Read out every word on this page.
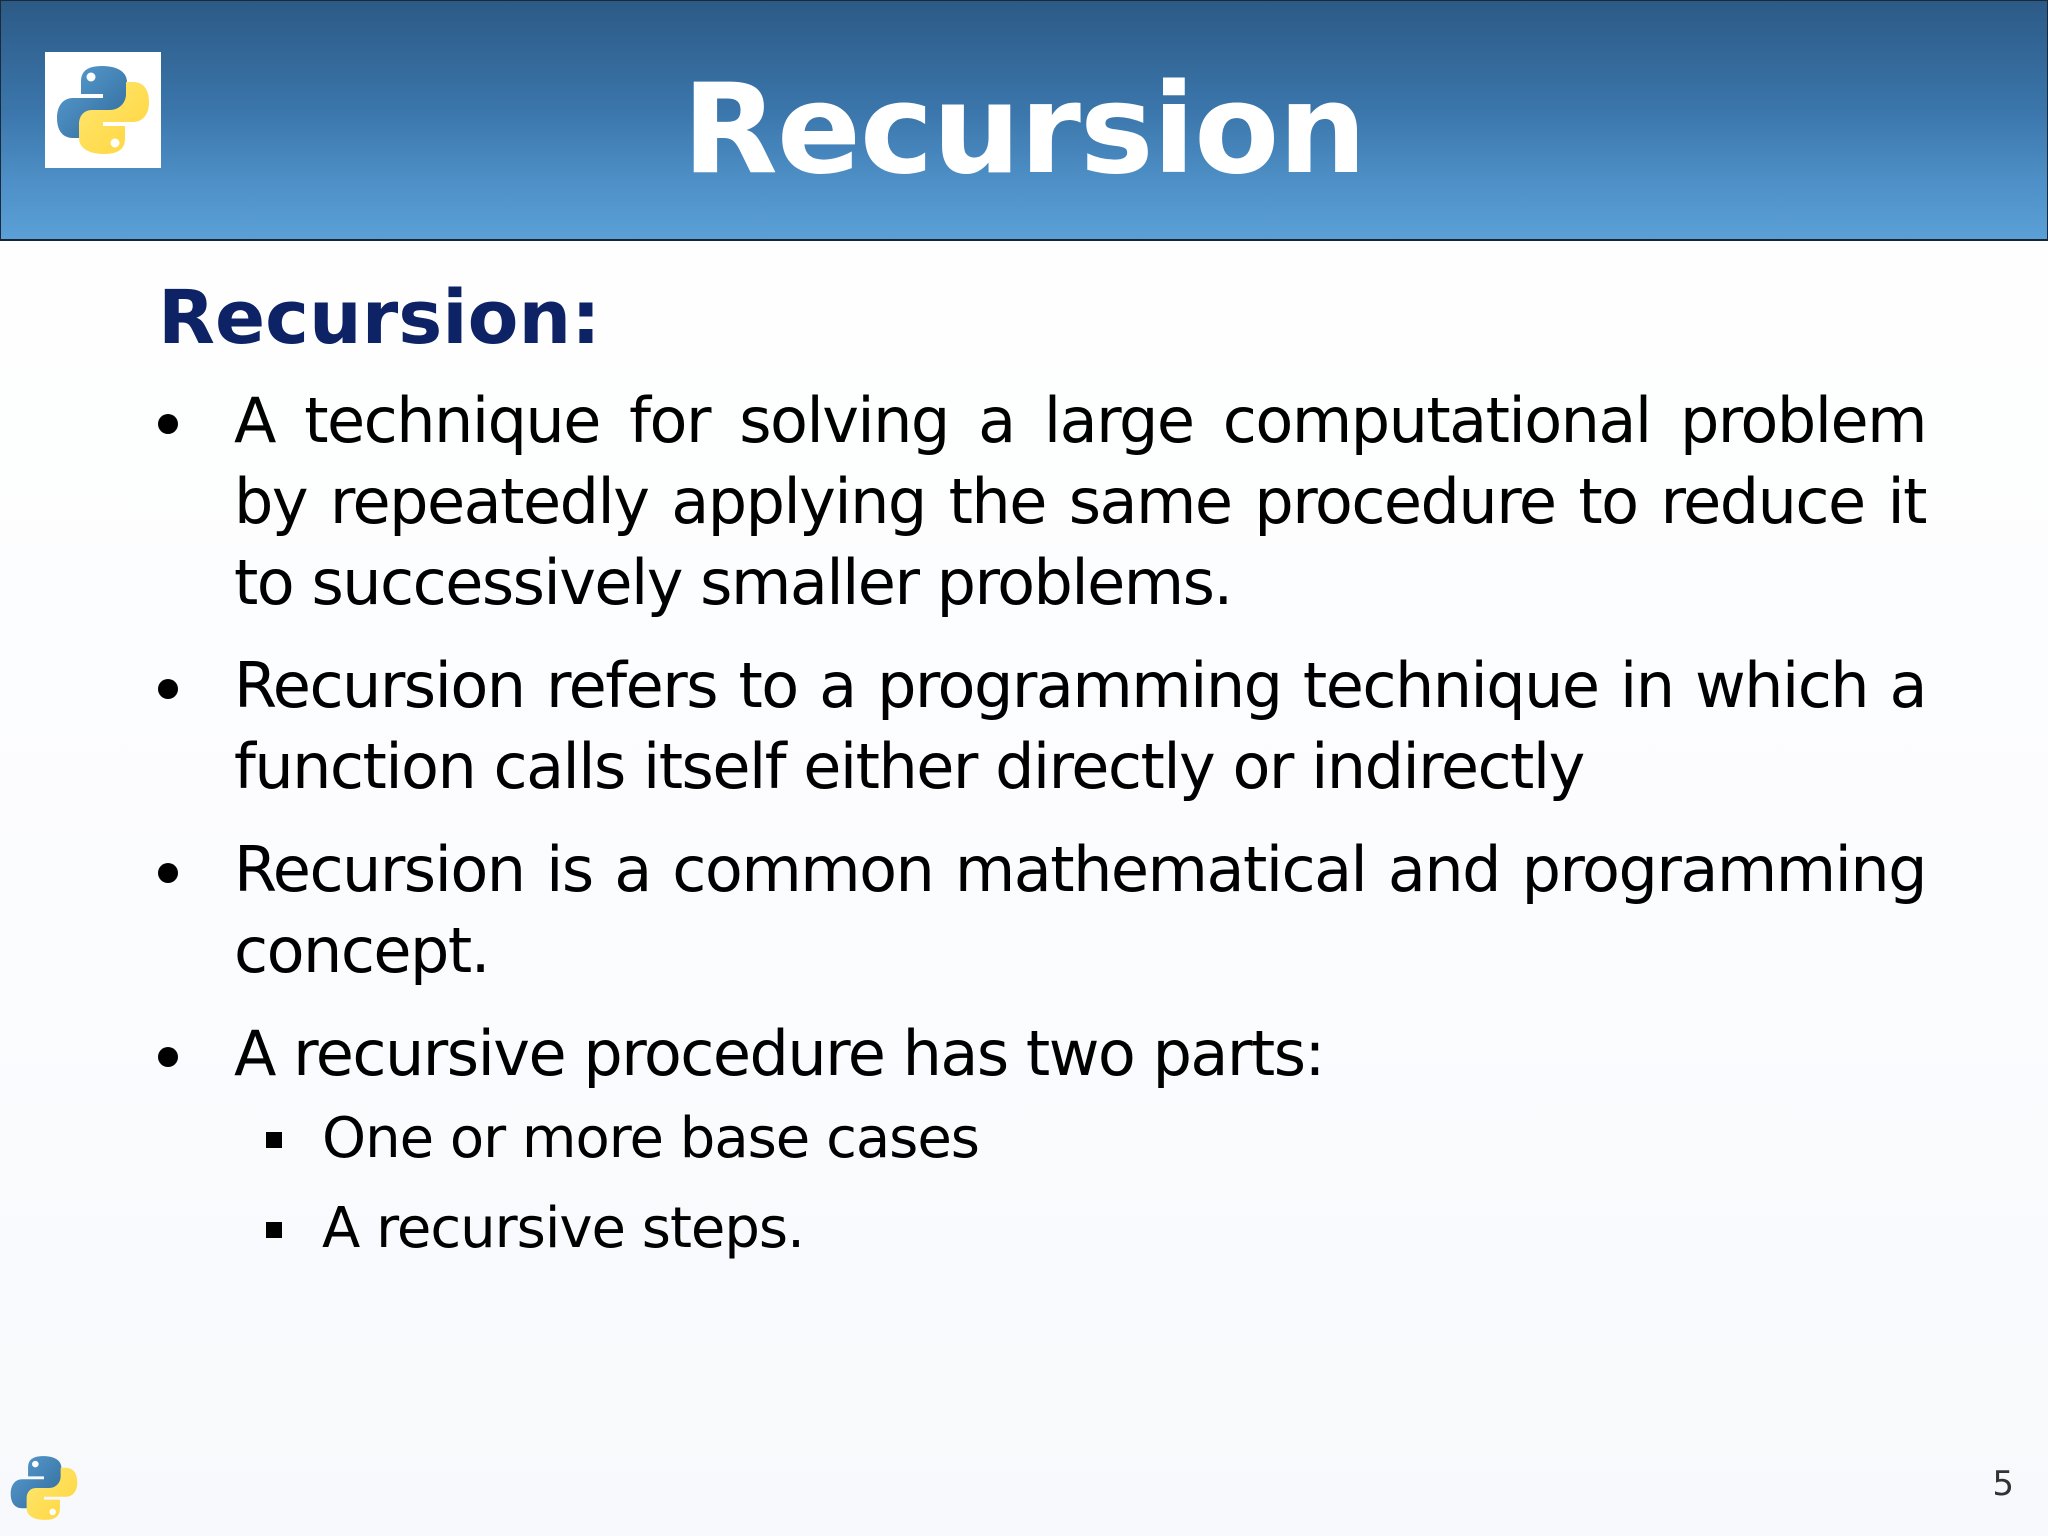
Recursion
Recursion:
A technique for solving a large computational problem by repeatedly applying the same procedure to reduce it to successively smaller problems.
Recursion refers to a programming technique in which a function calls itself either directly or indirectly
Recursion is a common mathematical and programming concept.
A recursive procedure has two parts:
One or more base cases
A recursive steps.
5
